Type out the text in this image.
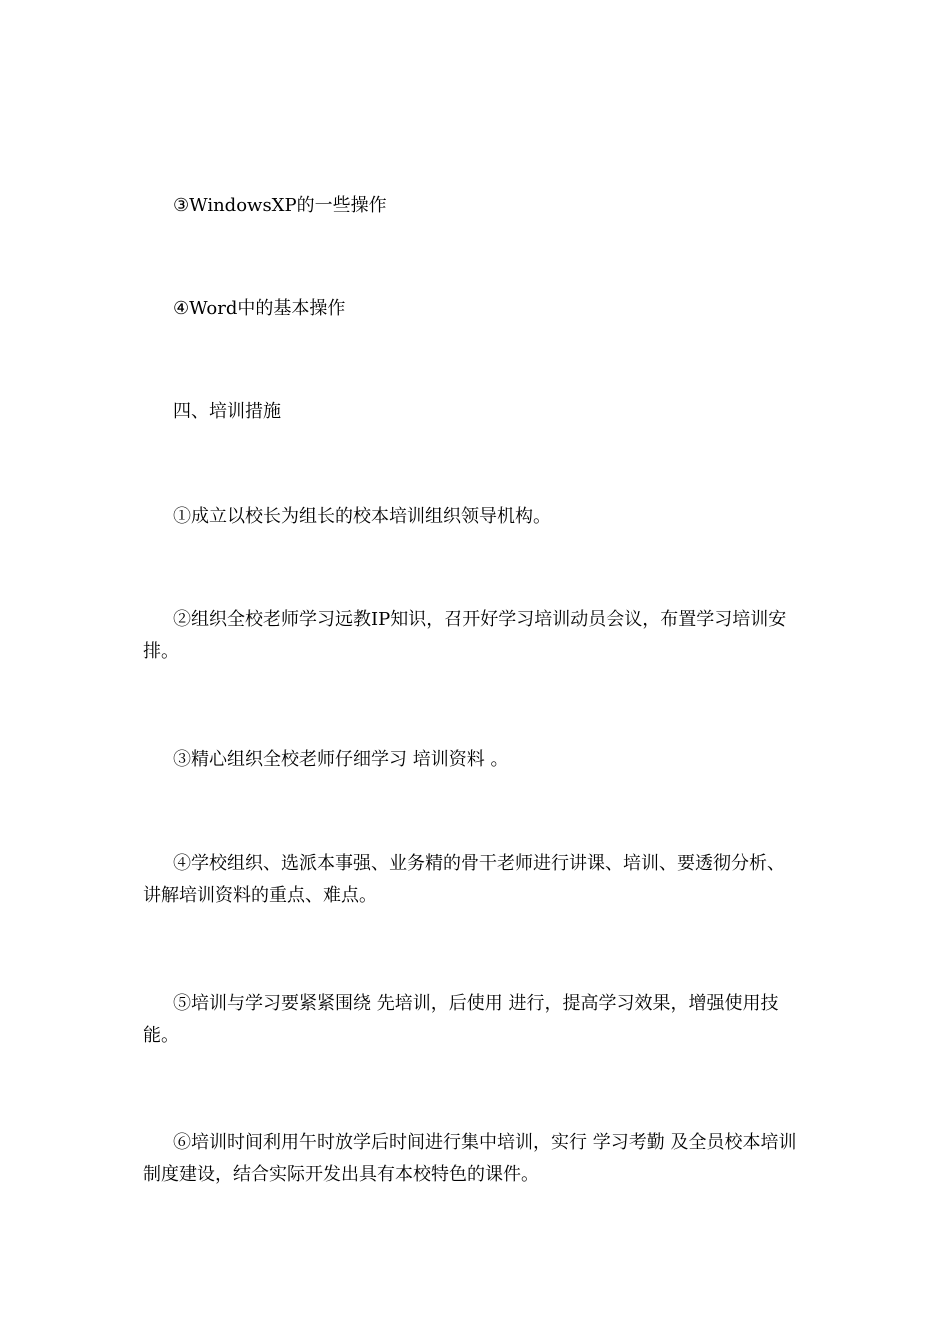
③WindowsXP的一些操作

④Word中的基本操作

四、培训措施

①成立以校长为组长的校本培训组织领导机构。

②组织全校老师学习远教IP知识，召开好学习培训动员会议，布置学习培训安排。

③精心组织全校老师仔细学习 培训资料 。

④学校组织、选派本事强、业务精的骨干老师进行讲课、培训、要透彻分析、讲解培训资料的重点、难点。

⑤培训与学习要紧紧围绕 先培训，后使用 进行，提高学习效果，增强使用技能。

⑥培训时间利用午时放学后时间进行集中培训，实行 学习考勤 及全员校本培训制度建设，结合实际开发出具有本校特色的课件。
